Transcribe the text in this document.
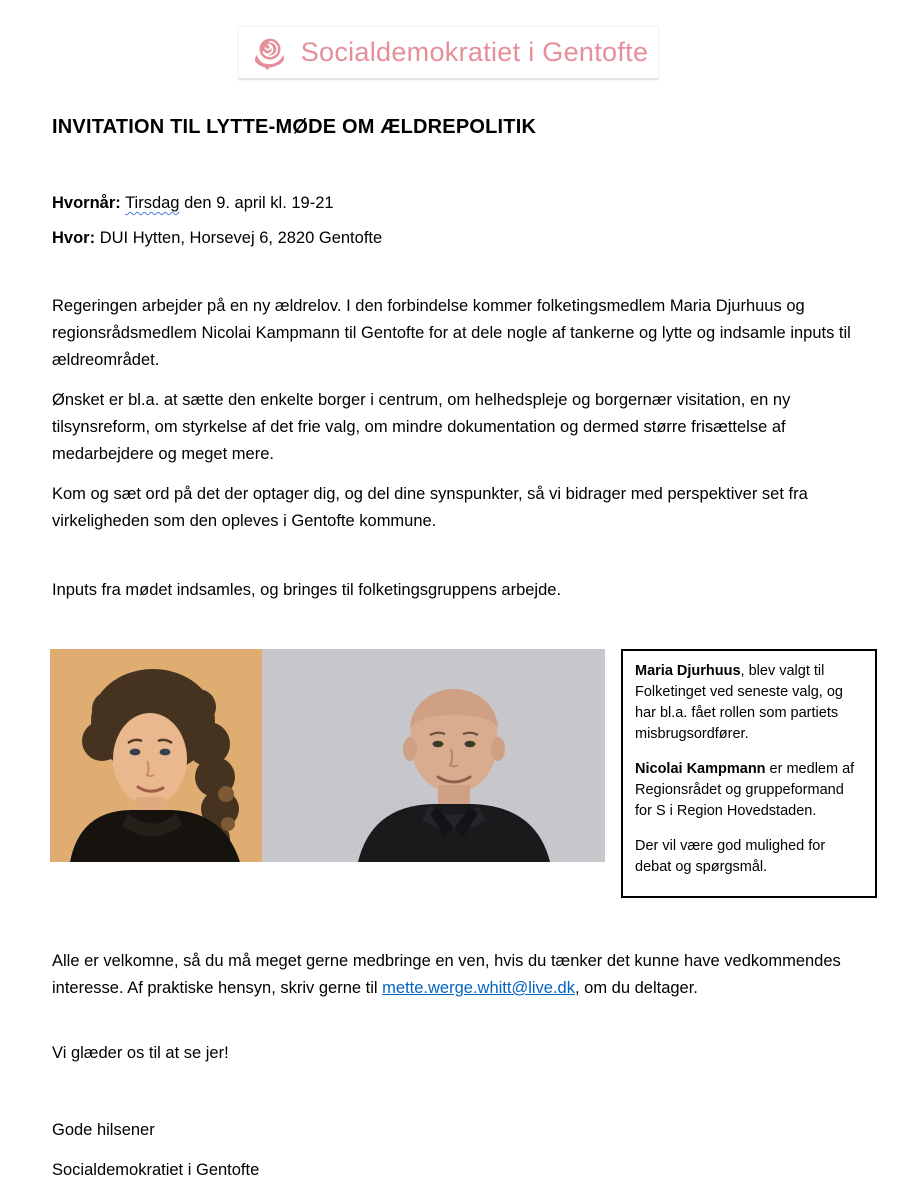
Socialdemokratiet i Gentofte
INVITATION TIL LYTTE-MØDE OM ÆLDREPOLITIK
Hvornår: Tirsdag den 9. april kl. 19-21
Hvor: DUI Hytten, Horsevej 6, 2820 Gentofte

Regeringen arbejder på en ny ældrelov. I den forbindelse kommer folketingsmedlem Maria Djurhuus og regionsrådsmedlem Nicolai Kampmann til Gentofte for at dele nogle af tankerne og lytte og indsamle inputs til ældreområdet.

Ønsket er bl.a. at sætte den enkelte borger i centrum, om helhedspleje og borgernær visitation, en ny tilsynsreform, om styrkelse af det frie valg, om mindre dokumentation og dermed større frisættelse af medarbejdere og meget mere.

Kom og sæt ord på det der optager dig, og del dine synspunkter, så vi bidrager med perspektiver set fra virkeligheden som den opleves i Gentofte kommune.

Inputs fra mødet indsamles, og bringes til folketingsgruppens arbejde.

Maria Djurhuus, blev valgt til Folketinget ved seneste valg, og har bl.a. fået rollen som partiets misbrugsordfører.

Nicolai Kampmann er medlem af Regionsrådet og gruppeformand for S i Region Hovedstaden.

Der vil være god mulighed for debat og spørgsmål.

Alle er velkomne, så du må meget gerne medbringe en ven, hvis du tænker det kunne have vedkommendes interesse. Af praktiske hensyn, skriv gerne til mette.werge.whitt@live.dk, om du deltager.

Vi glæder os til at se jer!

Gode hilsener

Socialdemokratiet i Gentofte
